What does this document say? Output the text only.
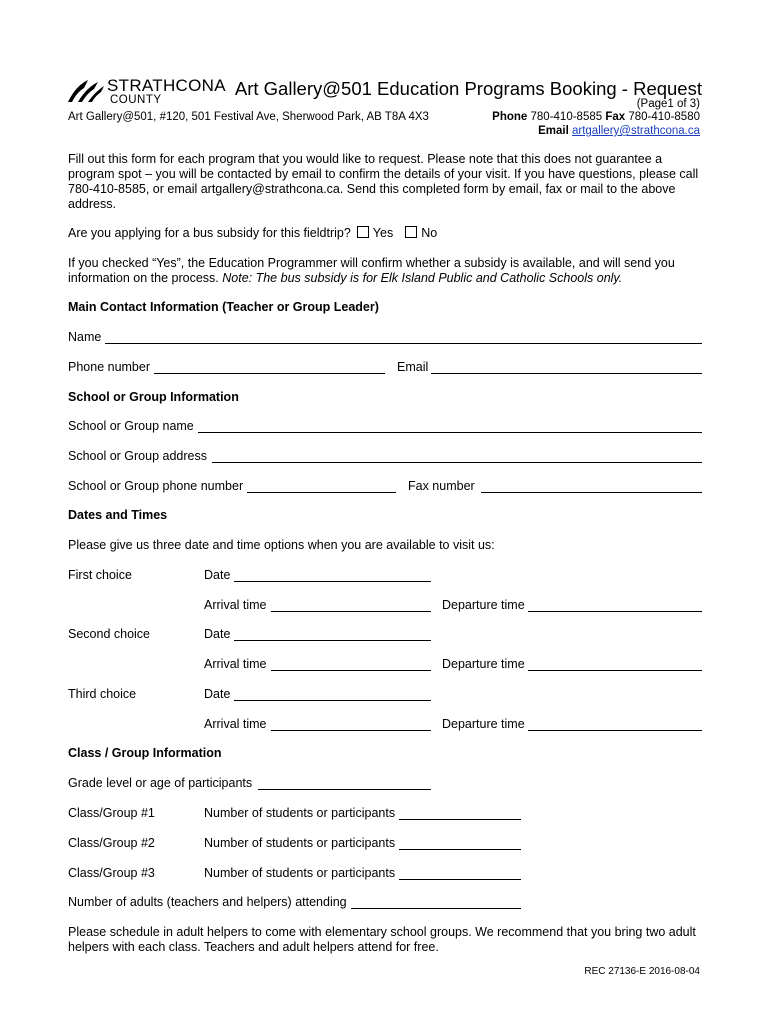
STRATHCONA
COUNTY
Art Gallery@501 Education Programs Booking - Request
(Page1 of 3)
Art Gallery@501, #120, 501 Festival Ave, Sherwood Park, AB T8A 4X3	Phone 780-410-8585 Fax 780-410-8580
Email artgallery@strathcona.ca
Fill out this form for each program that you would like to request. Please note that this does not guarantee a program spot – you will be contacted by email to confirm the details of your visit. If you have questions, please call 780-410-8585, or email artgallery@strathcona.ca. Send this completed form by email, fax or mail to the above address.
Are you applying for a bus subsidy for this fieldtrip? Yes No
If you checked “Yes”, the Education Programmer will confirm whether a subsidy is available, and will send you information on the process. Note: The bus subsidy is for Elk Island Public and Catholic Schools only.
Main Contact Information (Teacher or Group Leader)
Name
Phone number	Email
School or Group Information
School or Group name
School or Group address
School or Group phone number	Fax number
Dates and Times
Please give us three date and time options when you are available to visit us:
First choice	Date
Arrival time	Departure time
Second choice	Date
Arrival time	Departure time
Third choice	Date
Arrival time	Departure time
Class / Group Information
Grade level or age of participants
Class/Group #1	Number of students or participants
Class/Group #2	Number of students or participants
Class/Group #3	Number of students or participants
Number of adults (teachers and helpers) attending
Please schedule in adult helpers to come with elementary school groups. We recommend that you bring two adult helpers with each class. Teachers and adult helpers attend for free.
REC 27136-E 2016-08-04
